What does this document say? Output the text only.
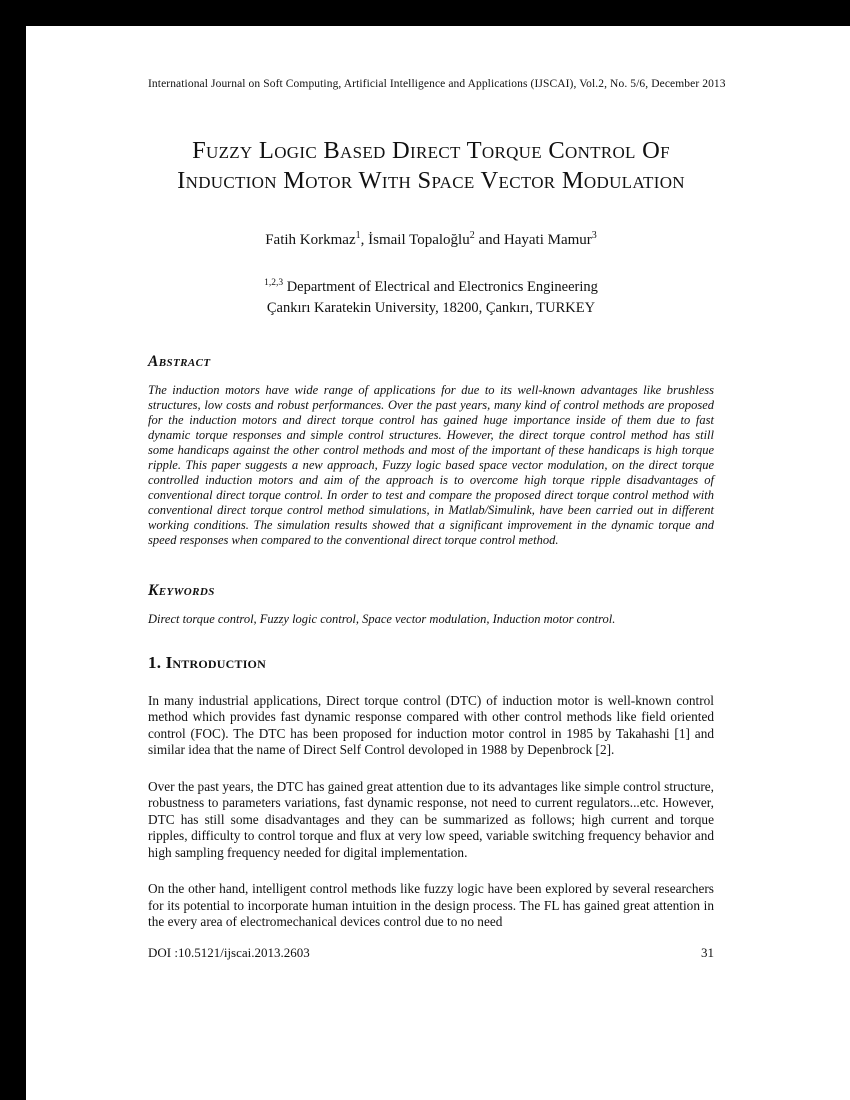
International Journal on Soft Computing, Artificial Intelligence and Applications (IJSCAI), Vol.2, No. 5/6, December 2013
Fuzzy Logic Based Direct Torque Control Of Induction Motor With Space Vector Modulation
Fatih Korkmaz$^1$, İsmail Topaloğlu$^2$ and Hayati Mamur$^3$
$^{1,2,3}$ Department of Electrical and Electronics Engineering
Çankırı Karatekin University, 18200, Çankırı, TURKEY
Abstract
The induction motors have wide range of applications for due to its well-known advantages like brushless structures, low costs and robust performances. Over the past years, many kind of control methods are proposed for the induction motors and direct torque control has gained huge importance inside of them due to fast dynamic torque responses and simple control structures. However, the direct torque control method has still some handicaps against the other control methods and most of the important of these handicaps is high torque ripple. This paper suggests a new approach, Fuzzy logic based space vector modulation, on the direct torque controlled induction motors and aim of the approach is to overcome high torque ripple disadvantages of conventional direct torque control. In order to test and compare the proposed direct torque control method with conventional direct torque control method simulations, in Matlab/Simulink, have been carried out in different working conditions. The simulation results showed that a significant improvement in the dynamic torque and speed responses when compared to the conventional direct torque control method.
Keywords
Direct torque control, Fuzzy logic control, Space vector modulation, Induction motor control.
1. Introduction
In many industrial applications, Direct torque control (DTC) of induction motor is well-known control method which provides fast dynamic response compared with other control methods like field oriented control (FOC). The DTC has been proposed for induction motor control in 1985 by Takahashi [1] and similar idea that the name of Direct Self Control devoloped in 1988 by Depenbrock [2].
Over the past years, the DTC has gained great attention due to its advantages like simple control structure, robustness to parameters variations, fast dynamic response, not need to current regulators...etc. However, DTC has still some disadvantages and they can be summarized as follows; high current and torque ripples, difficulty to control torque and flux at very low speed, variable switching frequency behavior and high sampling frequency needed for digital implementation.
On the other hand, intelligent control methods like fuzzy logic have been explored by several researchers for its potential to incorporate human intuition in the design process. The FL has gained great attention in the every area of electromechanical devices control due to no need
DOI :10.5121/ijscai.2013.2603	31
